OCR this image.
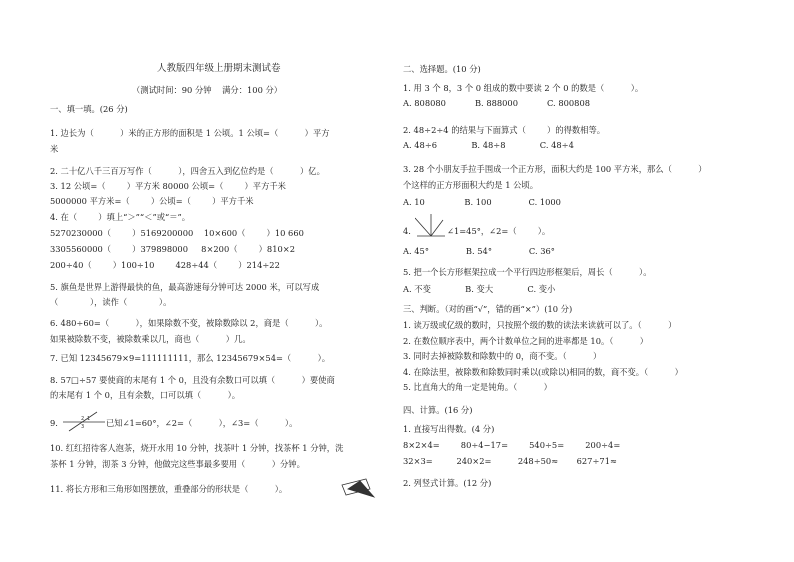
人教版四年级上册期末测试卷
（测试时间：90 分钟    满分：100 分）
一、填一填。(26 分)
1. 边长为（          ）米的正方形的面积是 1 公顷。1 公顷=（          ）平方
米
2. 二十亿八千三百万写作（          ），四舍五入到亿位约是（          ）亿。
3. 12 公顷=（        ）平方米 80000 公顷=（        ）平方千米
5000000 平方米=（        ）公顷=（        ）平方千米
4. 在（        ）填上“＞”“＜”或“＝”。
5270230000（        ）5169200000    10×600（        ）10 660
3305560000（        ）379898000     8×200（        ）810×2
200÷40（        ）100÷10        428÷44（        ）214÷22
5. 旗鱼是世界上游得最快的鱼，最高游速每分钟可达 2000 米，可以写成
（            ），读作（            ）。
6. 480÷60=（          ），如果除数不变，被除数除以 2，商是（          ）。
如果被除数不变，被除数乘以几，商也（          ）几。
7. 已知 12345679×9=111111111，那么 12345679×54=（          ）。
8. 57□÷57 要使商的末尾有 1 个 0，且没有余数口可以填（          ）要使商
的末尾有 1 个 0，且有余数，口可以填（          ）。
9.	2 1
3	已知∠1=60°，∠2=（          ），∠3=（          ）。
10. 红红招待客人泡茶，烧开水用 10 分钟，找茶叶 1 分钟，找茶杯 1 分钟，洗
茶杯 1 分钟，沏茶 3 分钟，他做完这些事最多要用（          ）分钟。
11. 将长方形和三角形如图摆放，重叠部分的形状是（          ）。
二、选择题。(10 分)
1. 用 3 个 8，3 个 0 组成的数中要读 2 个 0 的数是（          ）。
A. 808080           B. 888000           C. 800808
2. 48÷2÷4 的结果与下面算式（        ）的得数相等。
A. 48÷6             B. 48÷8             C. 48÷4
3. 28 个小朋友手拉手围成一个正方形，面积大约是 100 平方米，那么（          ）
个这样的正方形面积大约是 1 公顷。
A. 10               B. 100              C. 1000
4.	∠1=45°，∠2=（        ）。
A. 45°              B. 54°              C. 36°
5. 把一个长方形框架拉成一个平行四边形框架后，周长（          ）。
A. 不变             B. 变大             C. 变小
三、判断。（对的画“√”，错的画“×”）(10 分)
1. 读万级或亿级的数时，只按照个级的数的读法来读就可以了。（          ）
2. 在数位顺序表中，两个计数单位之间的进率都是 10。（          ）
3. 同时去掉被除数和除数中的 0，商不变。（          ）
4. 在除法里，被除数和除数同时乘以(或除以)相同的数，商不变。（          ）
5. 比直角大的角一定是钝角。（          ）
四、计算。(16 分)
1. 直接写出得数。(4 分)
8×2×4=        80÷4−17=        540÷5=        200÷4=
32×3=         240×2=          248÷50≈       627÷71≈
2. 列竖式计算。(12 分)
